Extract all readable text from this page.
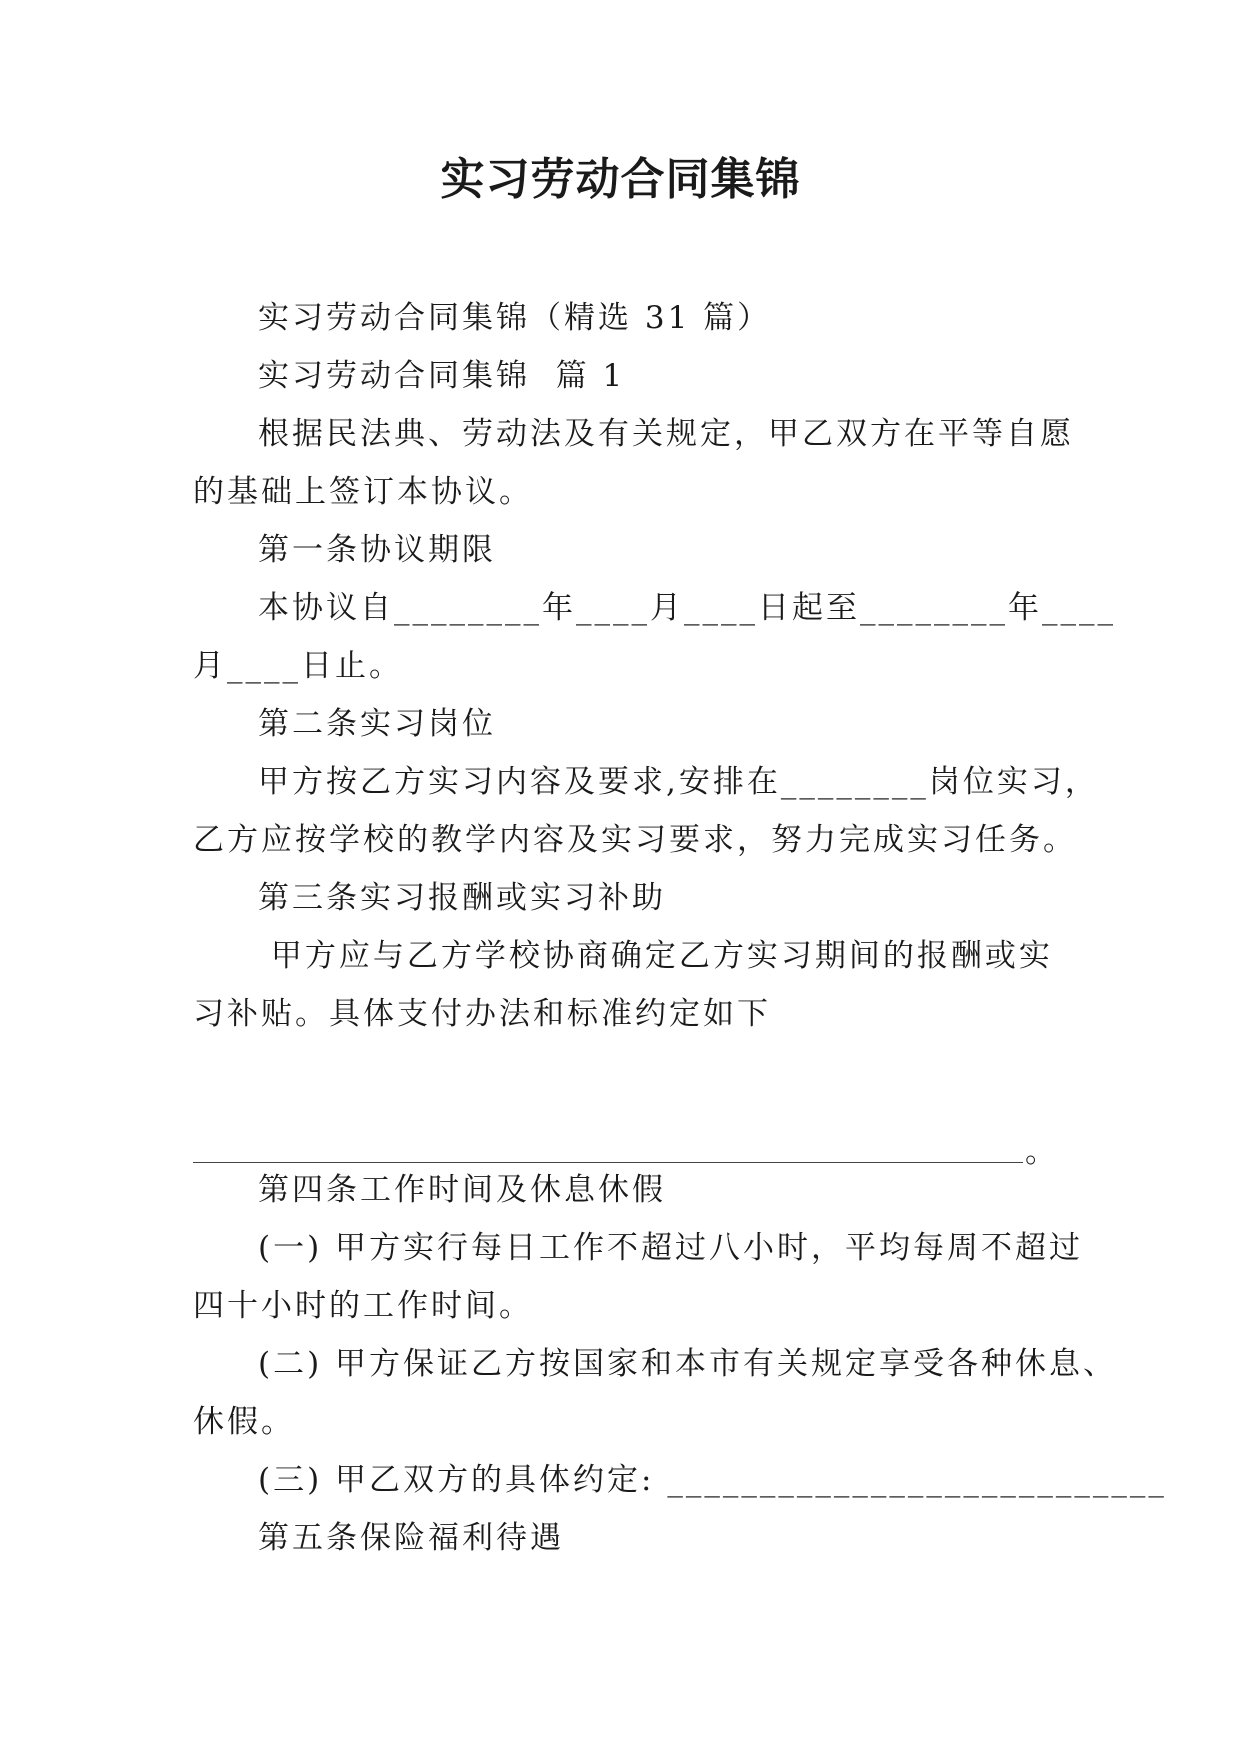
实习劳动合同集锦
实习劳动合同集锦（精选 31 篇）
实习劳动合同集锦  篇 1
根据民法典、劳动法及有关规定，甲乙双方在平等自愿
的基础上签订本协议。
第一条协议期限
本协议自________年____月____日起至________年____
月____日止。
第二条实习岗位
甲方按乙方实习内容及要求,安排在________岗位实习，
乙方应按学校的教学内容及实习要求，努力完成实习任务。
第三条实习报酬或实习补助
甲方应与乙方学校协商确定乙方实习期间的报酬或实
习补贴。具体支付办法和标准约定如下
。
第四条工作时间及休息休假
(一) 甲方实行每日工作不超过八小时，平均每周不超过
四十小时的工作时间。
(二) 甲方保证乙方按国家和本市有关规定享受各种休息、
休假。
(三) 甲乙双方的具体约定: ___________________________
第五条保险福利待遇
